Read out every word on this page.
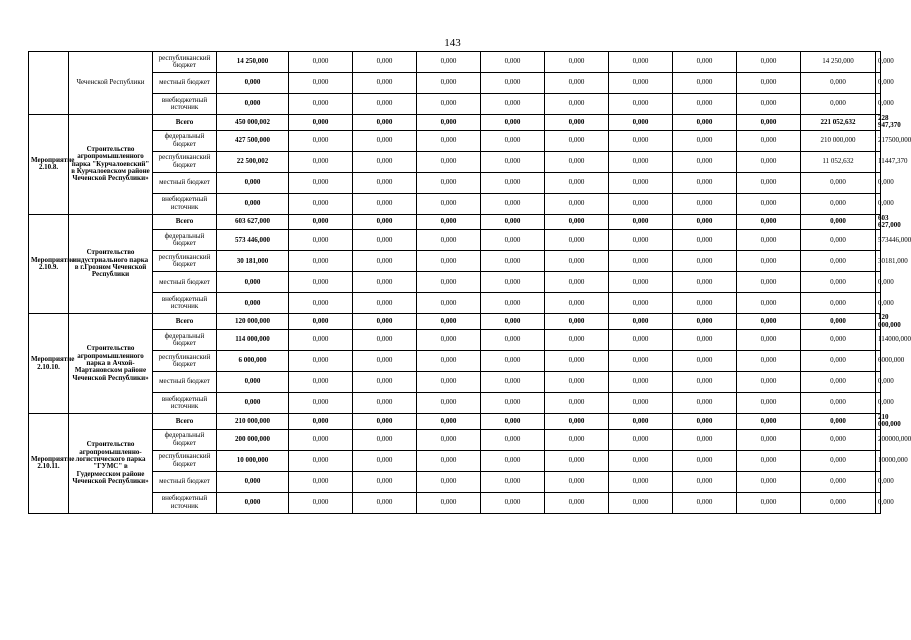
143
	Чеченской Республики	республиканский бюджет	14 250,000	0,000	0,000	0,000	0,000	0,000	0,000	0,000	0,000	14 250,000	0,000
		местный бюджет	0,000	0,000	0,000	0,000	0,000	0,000	0,000	0,000	0,000	0,000	0,000
		внебюджетный источник	0,000	0,000	0,000	0,000	0,000	0,000	0,000	0,000	0,000	0,000	0,000
Мероприятие 2.10.8.	Строительство агропромышленного парка "Курчалоевский" в Курчалоевском районе Чеченской Республики»	Всего	450 000,002	0,000	0,000	0,000	0,000	0,000	0,000	0,000	0,000	221 052,632	228 947,370
		федеральный бюджет	427 500,000	0,000	0,000	0,000	0,000	0,000	0,000	0,000	0,000	210 000,000	217500,000
		республиканский бюджет	22 500,002	0,000	0,000	0,000	0,000	0,000	0,000	0,000	0,000	11 052,632	11447,370
		местный бюджет	0,000	0,000	0,000	0,000	0,000	0,000	0,000	0,000	0,000	0,000	0,000
		внебюджетный источник	0,000	0,000	0,000	0,000	0,000	0,000	0,000	0,000	0,000	0,000	0,000
Мероприятие 2.10.9.	Строительство индустриального парка в г.Грозном Чеченской Республики	Всего	603 627,000	0,000	0,000	0,000	0,000	0,000	0,000	0,000	0,000	0,000	603 627,000
		федеральный бюджет	573 446,000	0,000	0,000	0,000	0,000	0,000	0,000	0,000	0,000	0,000	573446,000
		республиканский бюджет	30 181,000	0,000	0,000	0,000	0,000	0,000	0,000	0,000	0,000	0,000	30181,000
		местный бюджет	0,000	0,000	0,000	0,000	0,000	0,000	0,000	0,000	0,000	0,000	0,000
		внебюджетный источник	0,000	0,000	0,000	0,000	0,000	0,000	0,000	0,000	0,000	0,000	0,000
Мероприятие 2.10.10.	Строительство агропромышленного парка в Ачхой-Мартановском районе Чеченской Республики»	Всего	120 000,000	0,000	0,000	0,000	0,000	0,000	0,000	0,000	0,000	0,000	120 000,000
		федеральный бюджет	114 000,000	0,000	0,000	0,000	0,000	0,000	0,000	0,000	0,000	0,000	114000,000
		республиканский бюджет	6 000,000	0,000	0,000	0,000	0,000	0,000	0,000	0,000	0,000	0,000	6000,000
		местный бюджет	0,000	0,000	0,000	0,000	0,000	0,000	0,000	0,000	0,000	0,000	0,000
		внебюджетный источник	0,000	0,000	0,000	0,000	0,000	0,000	0,000	0,000	0,000	0,000	0,000
Мероприятие 2.10.11.	Строительство агропромышленно-логистического парка "ГУМС" в Гудермесском районе Чеченской Республики»	Всего	210 000,000	0,000	0,000	0,000	0,000	0,000	0,000	0,000	0,000	0,000	210 000,000
		федеральный бюджет	200 000,000	0,000	0,000	0,000	0,000	0,000	0,000	0,000	0,000	0,000	200000,000
		республиканский бюджет	10 000,000	0,000	0,000	0,000	0,000	0,000	0,000	0,000	0,000	0,000	10000,000
		местный бюджет	0,000	0,000	0,000	0,000	0,000	0,000	0,000	0,000	0,000	0,000	0,000
		внебюджетный источник	0,000	0,000	0,000	0,000	0,000	0,000	0,000	0,000	0,000	0,000	0,000
